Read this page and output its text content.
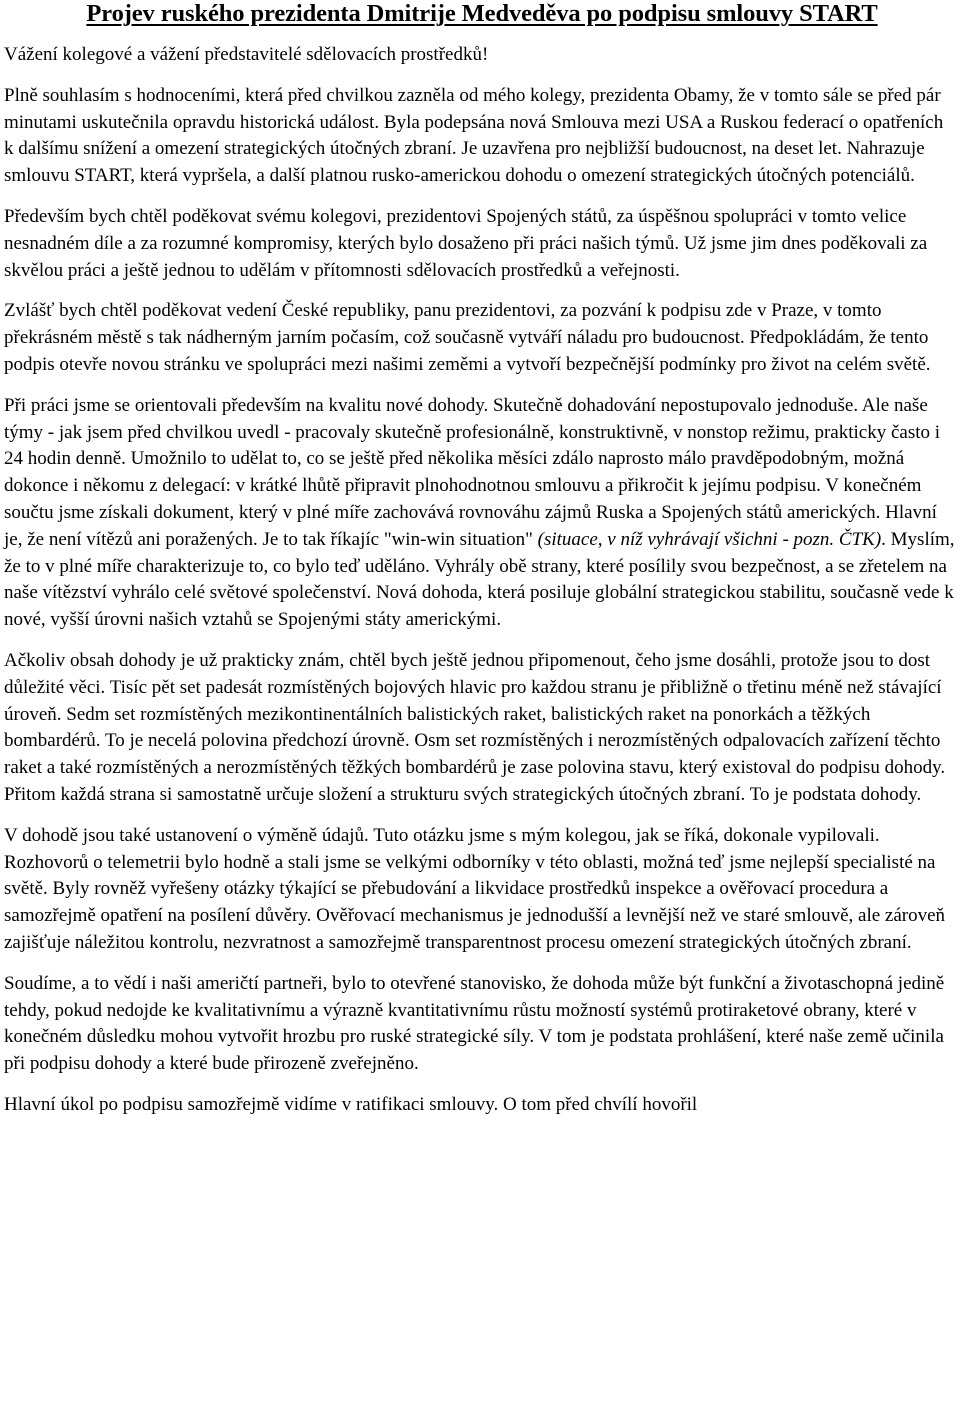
Projev ruského prezidenta Dmitrije Medveděva po podpisu smlouvy START

Vážení kolegové a vážení představitelé sdělovacích prostředků!

Plně souhlasím s hodnoceními, která před chvilkou zazněla od mého kolegy, prezidenta Obamy, že v tomto sále se před pár minutami uskutečnila opravdu historická událost. Byla podepsána nová Smlouva mezi USA a Ruskou federací o opatřeních k dalšímu snížení a omezení strategických útočných zbraní. Je uzavřena pro nejbližší budoucnost, na deset let. Nahrazuje smlouvu START, která vypršela, a další platnou rusko-americkou dohodu o omezení strategických útočných potenciálů.

Především bych chtěl poděkovat svému kolegovi, prezidentovi Spojených států, za úspěšnou spolupráci v tomto velice nesnadném díle a za rozumné kompromisy, kterých bylo dosaženo při práci našich týmů. Už jsme jim dnes poděkovali za skvělou práci a ještě jednou to udělám v přítomnosti sdělovacích prostředků a veřejnosti.

Zvlášť bych chtěl poděkovat vedení České republiky, panu prezidentovi, za pozvání k podpisu zde v Praze, v tomto překrásném městě s tak nádherným jarním počasím, což současně vytváří náladu pro budoucnost. Předpokládám, že tento podpis otevře novou stránku ve spolupráci mezi našimi zeměmi a vytvoří bezpečnější podmínky pro život na celém světě.

Při práci jsme se orientovali především na kvalitu nové dohody. Skutečně dohadování nepostupovalo jednoduše. Ale naše týmy - jak jsem před chvilkou uvedl - pracovaly skutečně profesionálně, konstruktivně, v nonstop režimu, prakticky často i 24 hodin denně. Umožnilo to udělat to, co se ještě před několika měsíci zdálo naprosto málo pravděpodobným, možná dokonce i někomu z delegací: v krátké lhůtě připravit plnohodnotnou smlouvu a přikročit k jejímu podpisu. V konečném součtu jsme získali dokument, který v plné míře zachovává rovnováhu zájmů Ruska a Spojených států amerických. Hlavní je, že není vítězů ani poražených. Je to tak říkajíc "win-win situation" (situace, v níž vyhrávají všichni - pozn. ČTK). Myslím, že to v plné míře charakterizuje to, co bylo teď uděláno. Vyhrály obě strany, které posílily svou bezpečnost, a se zřetelem na naše vítězství vyhrálo celé světové společenství. Nová dohoda, která posiluje globální strategickou stabilitu, současně vede k nové, vyšší úrovni našich vztahů se Spojenými státy americkými.

Ačkoliv obsah dohody je už prakticky znám, chtěl bych ještě jednou připomenout, čeho jsme dosáhli, protože jsou to dost důležité věci. Tisíc pět set padesát rozmístěných bojových hlavic pro každou stranu je přibližně o třetinu méně než stávající úroveň. Sedm set rozmístěných mezikontinentálních balistických raket, balistických raket na ponorkách a těžkých bombardérů. To je necelá polovina předchozí úrovně. Osm set rozmístěných i nerozmístěných odpalovacích zařízení těchto raket a také rozmístěných a nerozmístěných těžkých bombardérů je zase polovina stavu, který existoval do podpisu dohody. Přitom každá strana si samostatně určuje složení a strukturu svých strategických útočných zbraní. To je podstata dohody.

V dohodě jsou také ustanovení o výměně údajů. Tuto otázku jsme s mým kolegou, jak se říká, dokonale vypilovali. Rozhovorů o telemetrii bylo hodně a stali jsme se velkými odborníky v této oblasti, možná teď jsme nejlepší specialisté na světě. Byly rovněž vyřešeny otázky týkající se přebudování a likvidace prostředků inspekce a ověřovací procedura a samozřejmě opatření na posílení důvěry. Ověřovací mechanismus je jednodušší a levnější než ve staré smlouvě, ale zároveň zajišťuje náležitou kontrolu, nezvratnost a samozřejmě transparentnost procesu omezení strategických útočných zbraní.

Soudíme, a to vědí i naši američtí partneři, bylo to otevřené stanovisko, že dohoda může být funkční a životaschopná jedině tehdy, pokud nedojde ke kvalitativnímu a výrazně kvantitativnímu růstu možností systémů protiraketové obrany, které v konečném důsledku mohou vytvořit hrozbu pro ruské strategické síly. V tom je podstata prohlášení, které naše země učinila při podpisu dohody a které bude přirozeně zveřejněno.

Hlavní úkol po podpisu samozřejmě vidíme v ratifikaci smlouvy. O tom před chvílí hovořil
